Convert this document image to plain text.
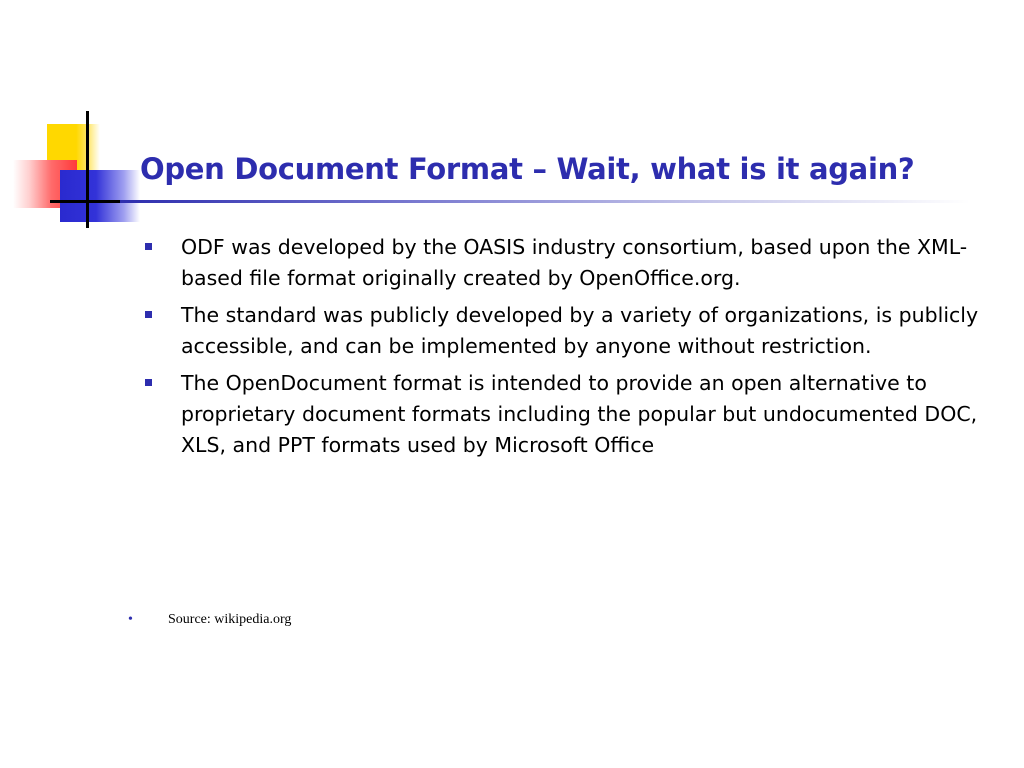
Open Document Format – Wait, what is it again?
ODF was developed by the OASIS industry consortium, based upon the XML-based file format originally created by OpenOffice.org.
The standard was publicly developed by a variety of organizations, is publicly accessible, and can be implemented by anyone without restriction.
The OpenDocument format is intended to provide an open alternative to proprietary document formats including the popular but undocumented DOC, XLS, and PPT formats used by Microsoft Office
•	Source: wikipedia.org
